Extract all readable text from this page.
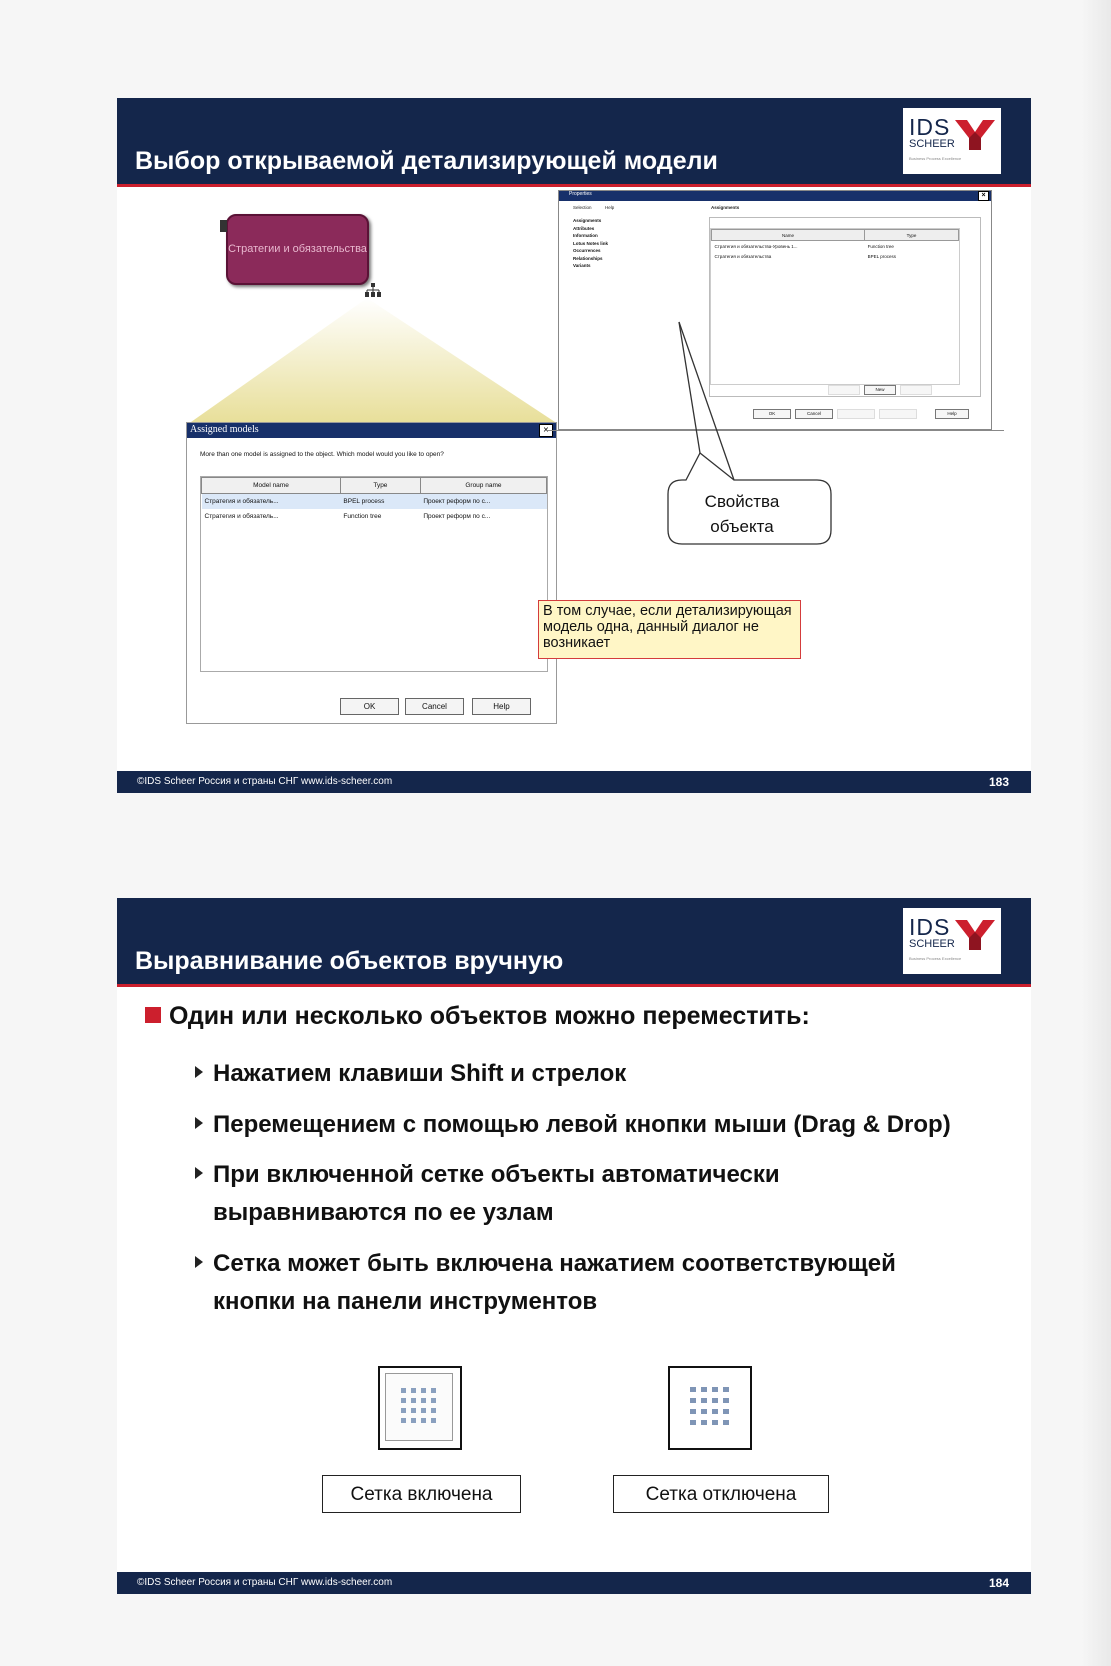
Выбор открываемой детализирующей модели
IDS
SCHEER
Business Process Excellence
Стратегии и обязательства
Assigned models
More than one model is assigned to the object. Which model would you like to open?
Model name	Type	Group name
Стратегия и обязатель...	BPEL process	Проект реформ по с...
Стратегия и обязатель...	Function tree	Проект реформ по с...
OK	Cancel	Help
Properties	×
Selection	Help	Assignments
Assignments
Attributes
Information
Lotus Notes link
Occurrences
Relationships
Variants
Name	Type
Стратегия и обязательства-Уровень 1...	Function tree
Стратегия и обязательства	BPEL process
New
OK	Cancel	Help
Свойства
объекта
В том случае, если детализирующая модель одна, данный диалог не возникает
©IDS Scheer Россия и страны СНГ www.ids-scheer.com	183
Выравнивание объектов вручную
IDS
SCHEER
Business Process Excellence
Один или несколько объектов можно переместить:
Нажатием клавиши Shift и стрелок
Перемещением с помощью левой кнопки мыши (Drag & Drop)
При включенной сетке объекты автоматически
выравниваются по ее узлам
Сетка может быть включена нажатием соответствующей
кнопки на панели инструментов
Сетка включена	Сетка отключена
©IDS Scheer Россия и страны СНГ www.ids-scheer.com	184
